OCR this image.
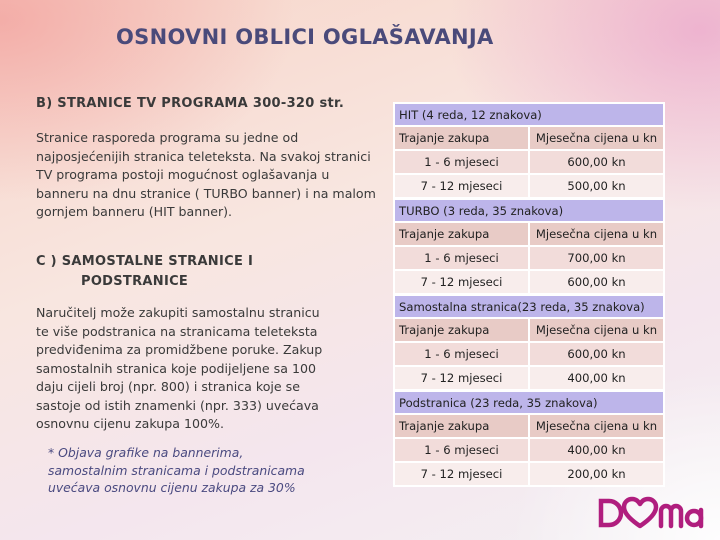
OSNOVNI OBLICI OGLAŠAVANJA
B) STRANICE TV PROGRAMA 300-320 str.

Stranice rasporeda programa su jedne od najposjećenijih stranica teleteksta. Na svakoj stranici TV programa postoji mogućnost oglašavanja u banneru na dnu stranice ( TURBO banner) i na malom gornjem banneru (HIT banner).

C ) SAMOSTALNE STRANICE I
PODSTRANICE

Naručitelj može zakupiti samostalnu stranicu
te više podstranica na stranicama teleteksta
predviđenima za promidžbene poruke. Zakup
samostalnih stranica koje podijeljene sa 100
daju cijeli broj (npr. 800) i stranica koje se
sastoje od istih znamenki (npr. 333) uvećava
osnovnu cijenu zakupa 100%.

* Objava grafike na bannerima,
samostalnim stranicama i podstranicama
uvećava osnovnu cijenu zakupa za 30%

HIT (4 reda, 12 znakova)	
Trajanje zakupa	Mjesečna cijena u kn
1 - 6 mjeseci	600,00 kn
7 - 12 mjeseci	500,00 kn
TURBO (3 reda, 35 znakova)	
Trajanje zakupa	Mjesečna cijena u kn
1 - 6 mjeseci	700,00 kn
7 - 12 mjeseci	600,00 kn
Samostalna stranica(23 reda, 35 znakova)	
Trajanje zakupa	Mjesečna cijena u kn
1 - 6 mjeseci	600,00 kn
7 - 12 mjeseci	400,00 kn
Podstranica (23 reda, 35 znakova)	
Trajanje zakupa	Mjesečna cijena u kn
1 - 6 mjeseci	400,00 kn
7 - 12 mjeseci	200,00 kn
